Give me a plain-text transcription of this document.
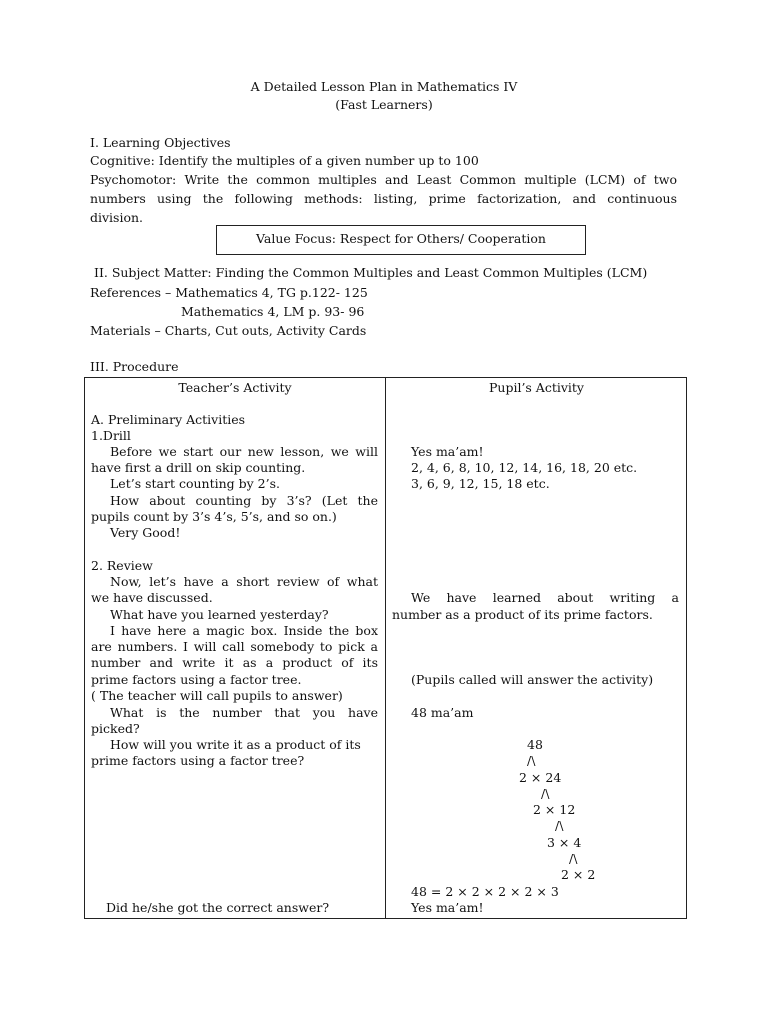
A Detailed Lesson Plan in Mathematics IV
(Fast Learners)
I. Learning Objectives
Cognitive: Identify the multiples of a given number up to 100
Psychomotor: Write the common multiples and Least Common multiple (LCM) of two
numbers using the following methods: listing, prime factorization, and continuous
division.
Value Focus: Respect for Others/ Cooperation
II. Subject Matter: Finding the Common Multiples and Least Common Multiples (LCM)
References – Mathematics 4, TG p.122- 125
Mathematics 4, LM p. 93- 96
Materials – Charts, Cut outs, Activity Cards
III. Procedure
Teacher’s Activity	Pupil’s Activity
A. Preliminary Activities
1.Drill
Before we start our new lesson, we will
have first a drill on skip counting.
Let’s start counting by 2’s.
How about counting by 3’s? (Let the
pupils count by 3’s 4’s, 5’s, and so on.)
Very Good!
2. Review
Now, let’s have a short review of what
we have discussed.
What have you learned yesterday?
I have here a magic box. Inside the box
are numbers. I will call somebody to pick a
number and write it as a product of its
prime factors using a factor tree.
( The teacher will call pupils to answer)
What is the number that you have
picked?
How will you write it as a product of its
prime factors using a factor tree?
Did he/she got the correct answer?
Yes ma’am!
2, 4, 6, 8, 10, 12, 14, 16, 18, 20 etc.
3, 6, 9, 12, 15, 18 etc.
We have learned about writing a
number as a product of its prime factors.
(Pupils called will answer the activity)
48 ma’am
48
/\
2 × 24
/\
2 × 12
/\
3 × 4
/\
2 × 2
48 = 2 × 2 × 2 × 2 × 3
Yes ma’am!
